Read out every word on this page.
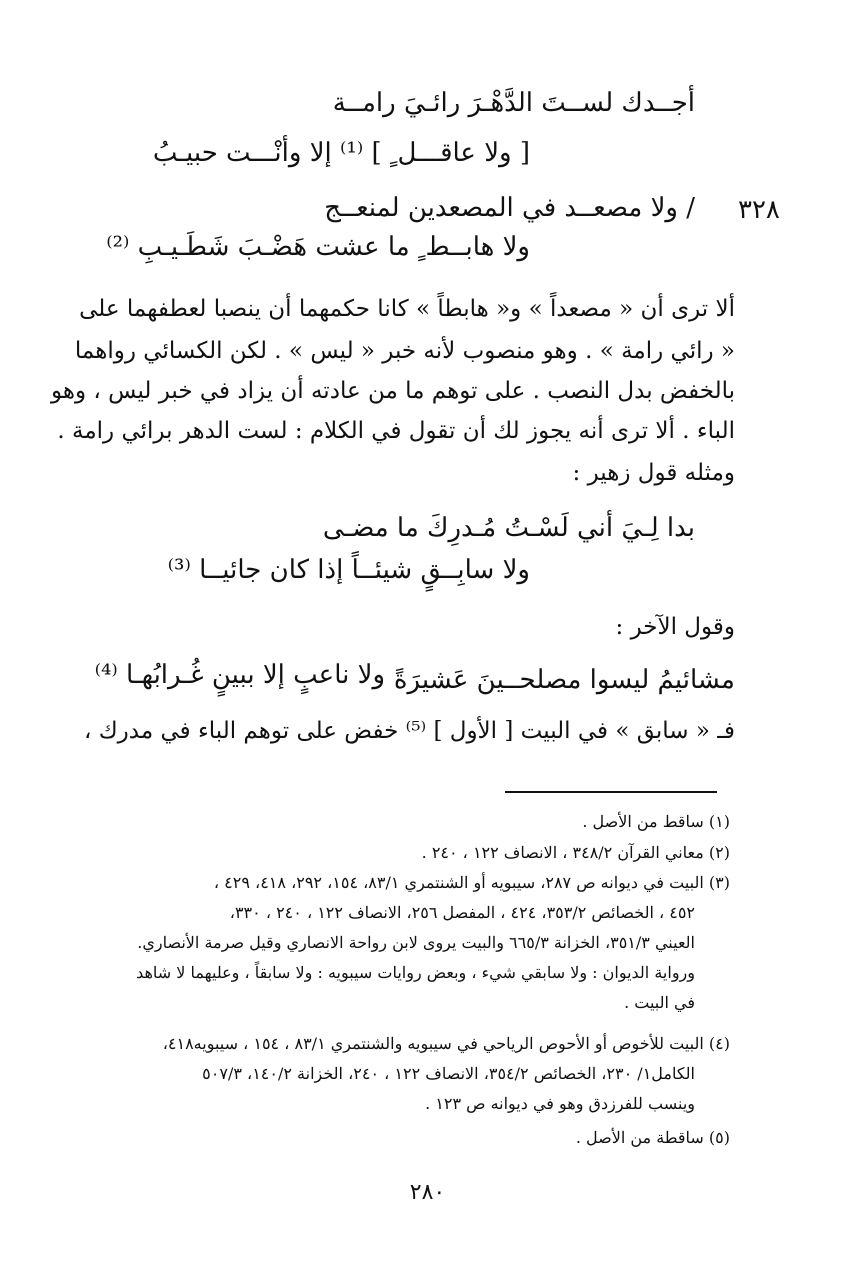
أجــدك لســتَ الدَّهْـرَ رائـيَ رامــة
[ ولا عاقـــل ٍ ] ⁽¹⁾ إلا وأنْـــت حبيـبُ
٣٢٨
/ ولا مصعــد في المصعدين لمنعــج
ولا هابــط ٍ ما عشت هَضْـبَ شَطَـيـبِ ⁽²⁾
ألا ترى أن « مصعداً » و« هابطاً » كانا حكمهما أن ينصبا لعطفهما على
« رائي رامة » . وهو منصوب لأنه خبر « ليس » . لكن الكسائي رواهما
بالخفض بدل النصب . على توهم ما من عادته أن يزاد في خبر ليس ، وهو
الباء . ألا ترى أنه يجوز لك أن تقول في الكلام : لست الدهر برائي رامة .
ومثله قول زهير :
بدا لِـيَ أني لَسْـتُ مُـدرِكَ ما مضـى
ولا سابِــقٍ شيئــاً إذا كان جائيــا ⁽³⁾
وقول الآخر :
مشائيمُ ليسوا مصلحــينَ عَشيرَةً
ولا ناعبٍ إلا ببينٍ غُـرابُهـا ⁽⁴⁾
فـ « سابق » في البيت [ الأول ] ⁽⁵⁾ خفض على توهم الباء في مدرك ،
(١) ساقط من الأصل .
(٢) معاني القرآن ٣٤٨/٢ ، الانصاف ١٢٢ ، ٢٤٠ .
(٣) البيت في ديوانه ص ٢٨٧، سيبويه أو الشنتمري ٨٣/١، ١٥٤، ٢٩٢، ٤١٨، ٤٢٩ ،
٤٥٢ ، الخصائص ٣٥٣/٢، ٤٢٤ ، المفصل ٢٥٦، الانصاف ١٢٢ ، ٢٤٠ ، ٣٣٠،
العيني ٣٥١/٣، الخزانة ٦٦٥/٣ والبيت يروى لابن رواحة الانصاري وقيل صرمة الأنصاري.
ورواية الديوان : ولا سابقي شيء ، وبعض روايات سيبويه : ولا سابقاً ، وعليهما لا شاهد
في البيت .
(٤) البيت للأخوص أو الأحوص الرياحي في سيبويه والشنتمري ٨٣/١ ، ١٥٤ ، سيبويه٤١٨،
الكامل١/ ٢٣٠، الخصائص ٣٥٤/٢، الانصاف ١٢٢ ، ٢٤٠، الخزانة ١٤٠/٢، ٥٠٧/٣
وينسب للفرزدق وهو في ديوانه ص ١٢٣ .
(٥) ساقطة من الأصل .
٢٨٠
